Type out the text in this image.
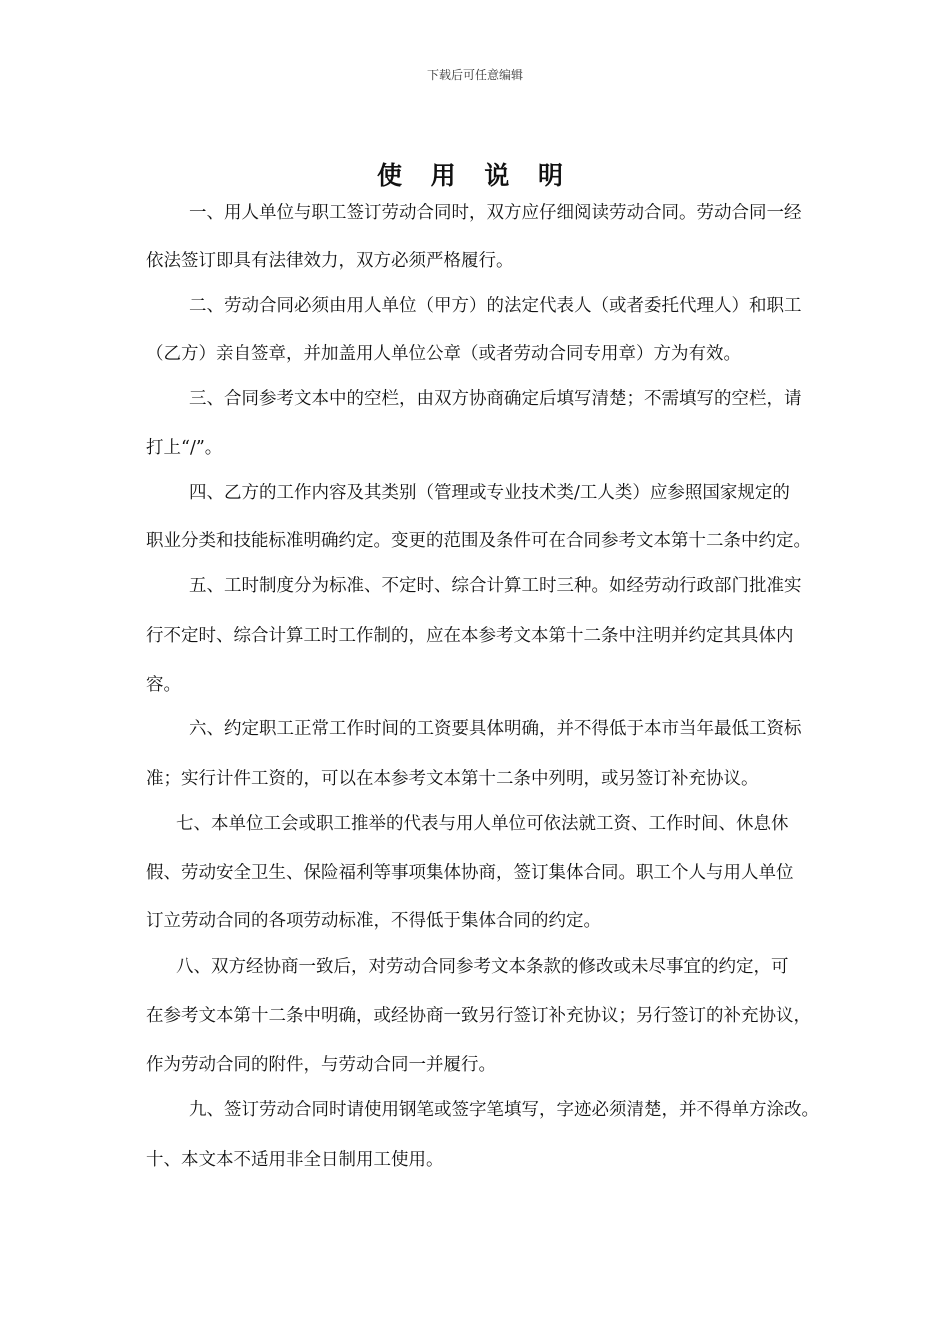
下载后可任意编辑
使 用 说 明
一、用人单位与职工签订劳动合同时，双方应仔细阅读劳动合同。劳动合同一经
依法签订即具有法律效力，双方必须严格履行。
二、劳动合同必须由用人单位（甲方）的法定代表人（或者委托代理人）和职工
（乙方）亲自签章，并加盖用人单位公章（或者劳动合同专用章）方为有效。
三、合同参考文本中的空栏，由双方协商确定后填写清楚；不需填写的空栏，请
打上“/”。
四、乙方的工作内容及其类别（管理或专业技术类/工人类）应参照国家规定的
职业分类和技能标准明确约定。变更的范围及条件可在合同参考文本第十二条中约定。
五、工时制度分为标准、不定时、综合计算工时三种。如经劳动行政部门批准实
行不定时、综合计算工时工作制的，应在本参考文本第十二条中注明并约定其具体内
容。
六、约定职工正常工作时间的工资要具体明确，并不得低于本市当年最低工资标
准；实行计件工资的，可以在本参考文本第十二条中列明，或另签订补充协议。
七、本单位工会或职工推举的代表与用人单位可依法就工资、工作时间、休息休
假、劳动安全卫生、保险福利等事项集体协商，签订集体合同。职工个人与用人单位
订立劳动合同的各项劳动标准，不得低于集体合同的约定。
八、双方经协商一致后，对劳动合同参考文本条款的修改或未尽事宜的约定，可
在参考文本第十二条中明确，或经协商一致另行签订补充协议；另行签订的补充协议，
作为劳动合同的附件，与劳动合同一并履行。
九、签订劳动合同时请使用钢笔或签字笔填写，字迹必须清楚，并不得单方涂改。
十、本文本不适用非全日制用工使用。
